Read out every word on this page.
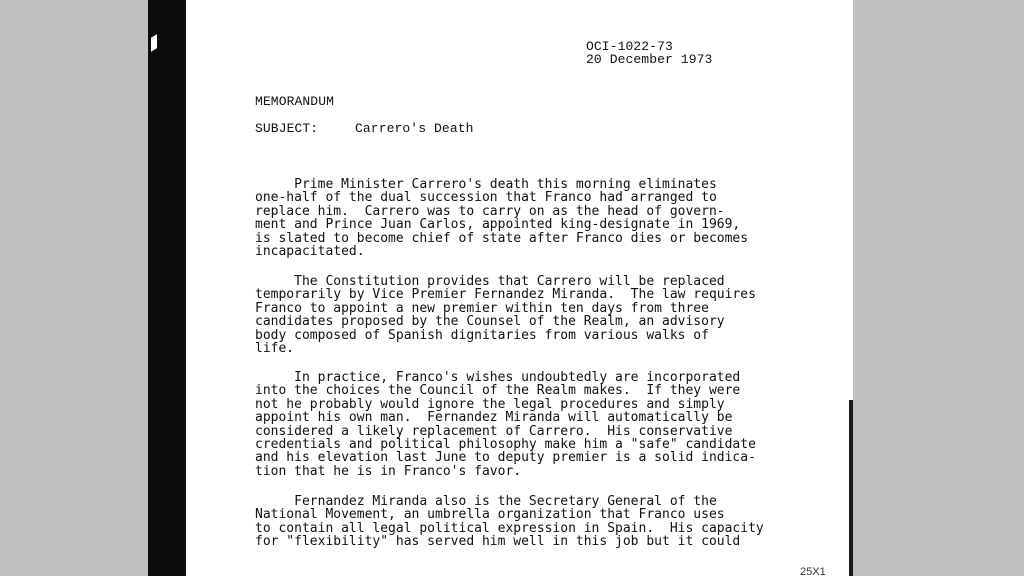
OCI-1022-73
20 December 1973
MEMORANDUM
SUBJECT:	Carrero's Death
Prime Minister Carrero's death this morning eliminates
one-half of the dual succession that Franco had arranged to
replace him.  Carrero was to carry on as the head of govern-
ment and Prince Juan Carlos, appointed king-designate in 1969,
is slated to become chief of state after Franco dies or becomes
incapacitated.
The Constitution provides that Carrero will be replaced
temporarily by Vice Premier Fernandez Miranda.  The law requires
Franco to appoint a new premier within ten days from three
candidates proposed by the Counsel of the Realm, an advisory
body composed of Spanish dignitaries from various walks of
life.
In practice, Franco's wishes undoubtedly are incorporated
into the choices the Council of the Realm makes.  If they were
not he probably would ignore the legal procedures and simply
appoint his own man.  Fernandez Miranda will automatically be
considered a likely replacement of Carrero.  His conservative
credentials and political philosophy make him a "safe" candidate
and his elevation last June to deputy premier is a solid indica-
tion that he is in Franco's favor.
Fernandez Miranda also is the Secretary General of the
National Movement, an umbrella organization that Franco uses
to contain all legal political expression in Spain.  His capacity
for "flexibility" has served him well in this job but it could
25X1
